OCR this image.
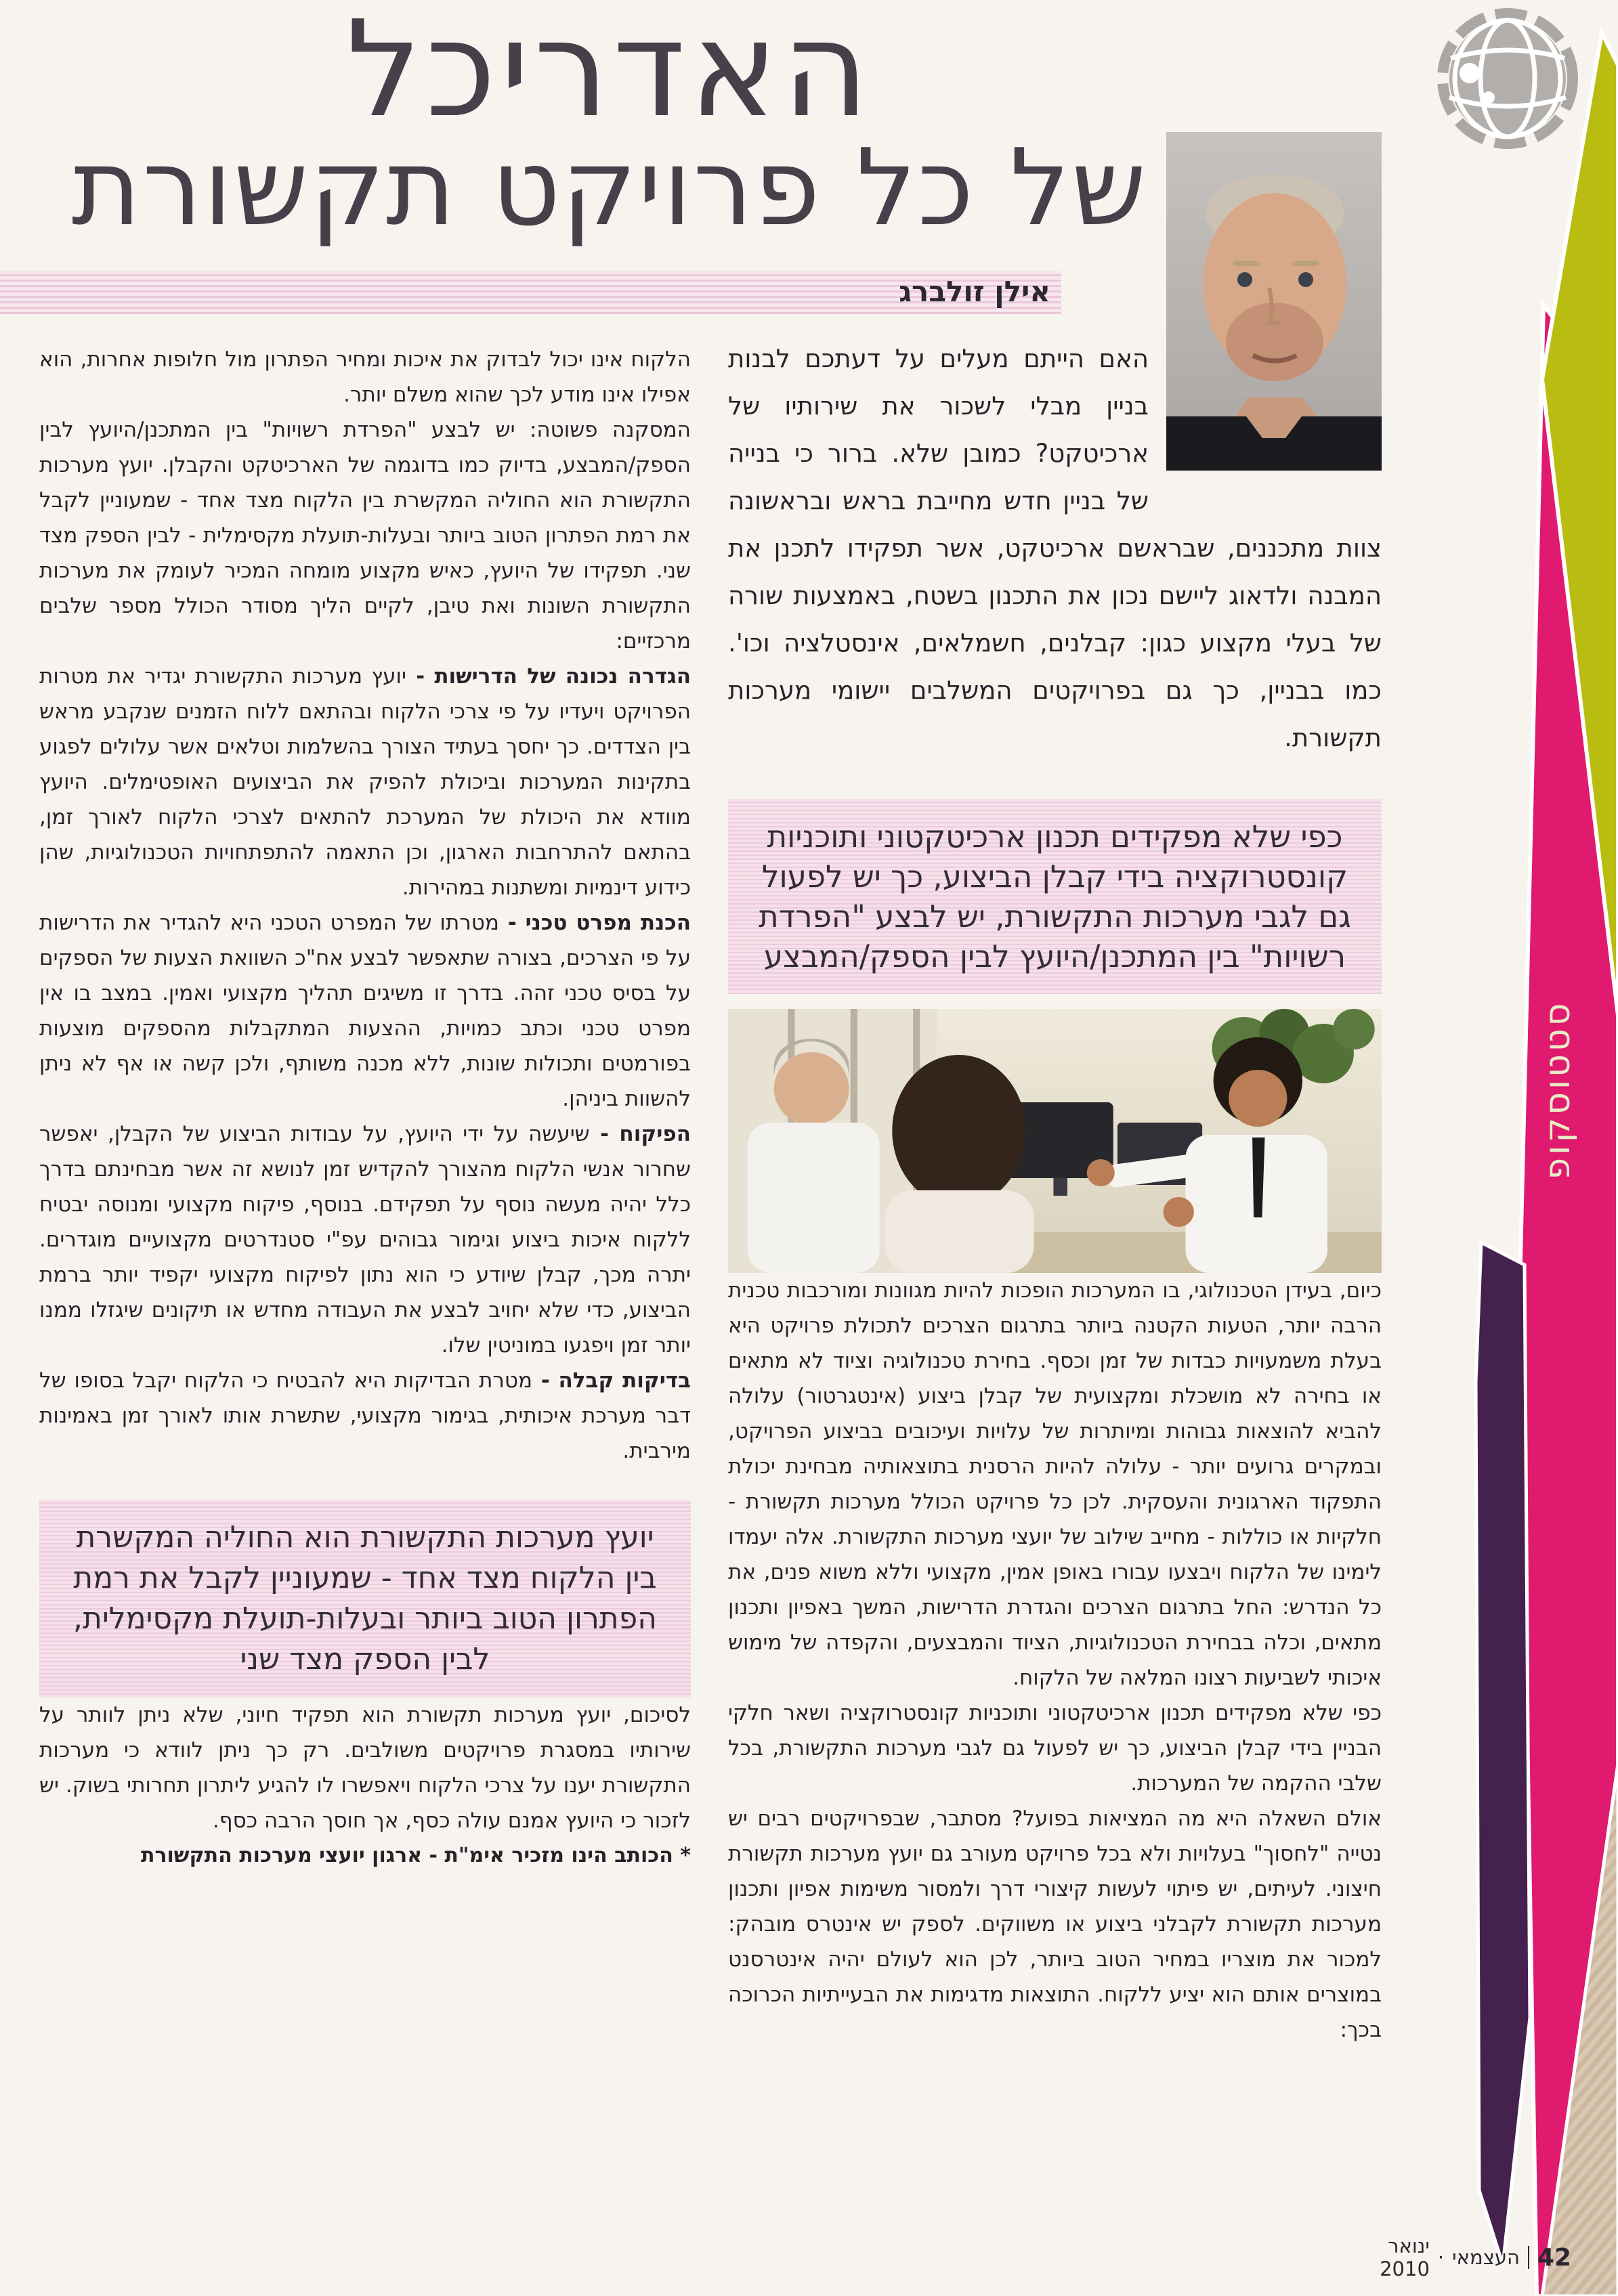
האדריכל
של כל פרויקט תקשורת
אילן זולברג

האם הייתם מעלים על דעתכם לבנות בניין מבלי לשכור את שירותיו של ארכיטקט? כמובן שלא. ברור כי בנייה של בניין חדש מחייבת בראש ובראשונה צוות מתכננים, שבראשם ארכיטקט, אשר תפקידו לתכנן את המבנה ולדאוג ליישם נכון את התכנון בשטח, באמצעות שורה של בעלי מקצוע כגון: קבלנים, חשמלאים, אינסטלציה וכו'. כמו בבניין, כך גם בפרויקטים המשלבים יישומי מערכות תקשורת.

כפי שלא מפקידים תכנון ארכיטקטוני ותוכניות קונסטרוקציה בידי קבלן הביצוע, כך יש לפעול גם לגבי מערכות התקשורת, יש לבצע "הפרדת רשויות" בין המתכנן/היועץ לבין הספק/המבצע

כיום, בעידן הטכנולוגי, בו המערכות הופכות להיות מגוונות ומורכבות טכנית הרבה יותר, הטעות הקטנה ביותר בתרגום הצרכים לתכולת פרויקט היא בעלת משמעויות כבדות של זמן וכסף. בחירת טכנולוגיה וציוד לא מתאים או בחירה לא מושכלת ומקצועית של קבלן ביצוע (אינטגרטור) עלולה להביא להוצאות גבוהות ומיותרות של עלויות ועיכובים בביצוע הפרויקט, ובמקרים גרועים יותר - עלולה להיות הרסנית בתוצאותיה מבחינת יכולת התפקוד הארגונית והעסקית. לכן כל פרויקט הכולל מערכות תקשורת - חלקיות או כוללות - מחייב שילוב של יועצי מערכות התקשורת. אלה יעמדו לימינו של הלקוח ויבצעו עבורו באופן אמין, מקצועי וללא משוא פנים, את כל הנדרש: החל בתרגום הצרכים והגדרת הדרישות, המשך באפיון ותכנון מתאים, וכלה בבחירת הטכנולוגיות, הציוד והמבצעים, והקפדה של מימוש איכותי לשביעות רצונו המלאה של הלקוח.

כפי שלא מפקידים תכנון ארכיטקטוני ותוכניות קונסטרוקציה ושאר חלקי הבניין בידי קבלן הביצוע, כך יש לפעול גם לגבי מערכות התקשורת, בכל שלבי ההקמה של המערכות.

אולם השאלה היא מה המציאות בפועל? מסתבר, שבפרויקטים רבים יש נטייה "לחסוך" בעלויות ולא בכל פרויקט מעורב גם יועץ מערכות תקשורת חיצוני. לעיתים, יש פיתוי לעשות קיצורי דרך ולמסור משימות אפיון ותכנון מערכות תקשורת לקבלני ביצוע או משווקים. לספק יש אינטרס מובהק: למכור את מוצריו במחיר הטוב ביותר, לכן הוא לעולם יהיה אינטרסנט במוצרים אותם הוא יציע ללקוח. התוצאות מדגימות את הבעייתיות הכרוכה בכך:

הלקוח אינו יכול לבדוק את איכות ומחיר הפתרון מול חלופות אחרות, הוא אפילו אינו מודע לכך שהוא משלם יותר.

המסקנה פשוטה: יש לבצע "הפרדת רשויות" בין המתכנן/היועץ לבין הספק/המבצע, בדיוק כמו בדוגמה של הארכיטקט והקבלן. יועץ מערכות התקשורת הוא החוליה המקשרת בין הלקוח מצד אחד - שמעוניין לקבל את רמת הפתרון הטוב ביותר ובעלות-תועלת מקסימלית - לבין הספק מצד שני. תפקידו של היועץ, כאיש מקצוע מומחה המכיר לעומק את מערכות התקשורת השונות ואת טיבן, לקיים הליך מסודר הכולל מספר שלבים מרכזיים:

הגדרה נכונה של הדרישות - יועץ מערכות התקשורת יגדיר את מטרות הפרויקט ויעדיו על פי צרכי הלקוח ובהתאם ללוח הזמנים שנקבע מראש בין הצדדים. כך יחסך בעתיד הצורך בהשלמות וטלאים אשר עלולים לפגוע בתקינות המערכות וביכולת להפיק את הביצועים האופטימלים. היועץ מוודא את היכולת של המערכת להתאים לצרכי הלקוח לאורך זמן, בהתאם להתרחבות הארגון, וכן התאמה להתפתחויות הטכנולוגיות, שהן כידוע דינמיות ומשתנות במהירות.

הכנת מפרט טכני - מטרתו של המפרט הטכני היא להגדיר את הדרישות על פי הצרכים, בצורה שתאפשר לבצע אח"כ השוואת הצעות של הספקים על בסיס טכני זהה. בדרך זו משיגים תהליך מקצועי ואמין. במצב בו אין מפרט טכני וכתב כמויות, ההצעות המתקבלות מהספקים מוצעות בפורמטים ותכולות שונות, ללא מכנה משותף, ולכן קשה או אף לא ניתן להשוות ביניהן.

הפיקוח - שיעשה על ידי היועץ, על עבודות הביצוע של הקבלן, יאפשר שחרור אנשי הלקוח מהצורך להקדיש זמן לנושא זה אשר מבחינתם בדרך כלל יהיה מעשה נוסף על תפקידם. בנוסף, פיקוח מקצועי ומנוסה יבטיח ללקוח איכות ביצוע וגימור גבוהים עפ"י סטנדרטים מקצועיים מוגדרים. יתרה מכך, קבלן שיודע כי הוא נתון לפיקוח מקצועי יקפיד יותר ברמת הביצוע, כדי שלא יחויב לבצע את העבודה מחדש או תיקונים שיגזלו ממנו יותר זמן ויפגעו במוניטין שלו.

בדיקות קבלה - מטרת הבדיקות היא להבטיח כי הלקוח יקבל בסופו של דבר מערכת איכותית, בגימור מקצועי, שתשרת אותו לאורך זמן באמינות מירבית.

יועץ מערכות התקשורת הוא החוליה המקשרת בין הלקוח מצד אחד - שמעוניין לקבל את רמת הפתרון הטוב ביותר ובעלות-תועלת מקסימלית, לבין הספק מצד שני

לסיכום, יועץ מערכות תקשורת הוא תפקיד חיוני, שלא ניתן לוותר על שירותיו במסגרת פרויקטים משולבים. רק כך ניתן לוודא כי מערכות התקשורת יענו על צרכי הלקוח ויאפשרו לו להגיע ליתרון תחרותי בשוק. יש לזכור כי היועץ אמנם עולה כסף, אך חוסך הרבה כסף.

* הכותב הינו מזכיר אימ"ת - ארגון יועצי מערכות התקשורת

סטטוסקופ
42
העצמאי
·
ינואר 2010
